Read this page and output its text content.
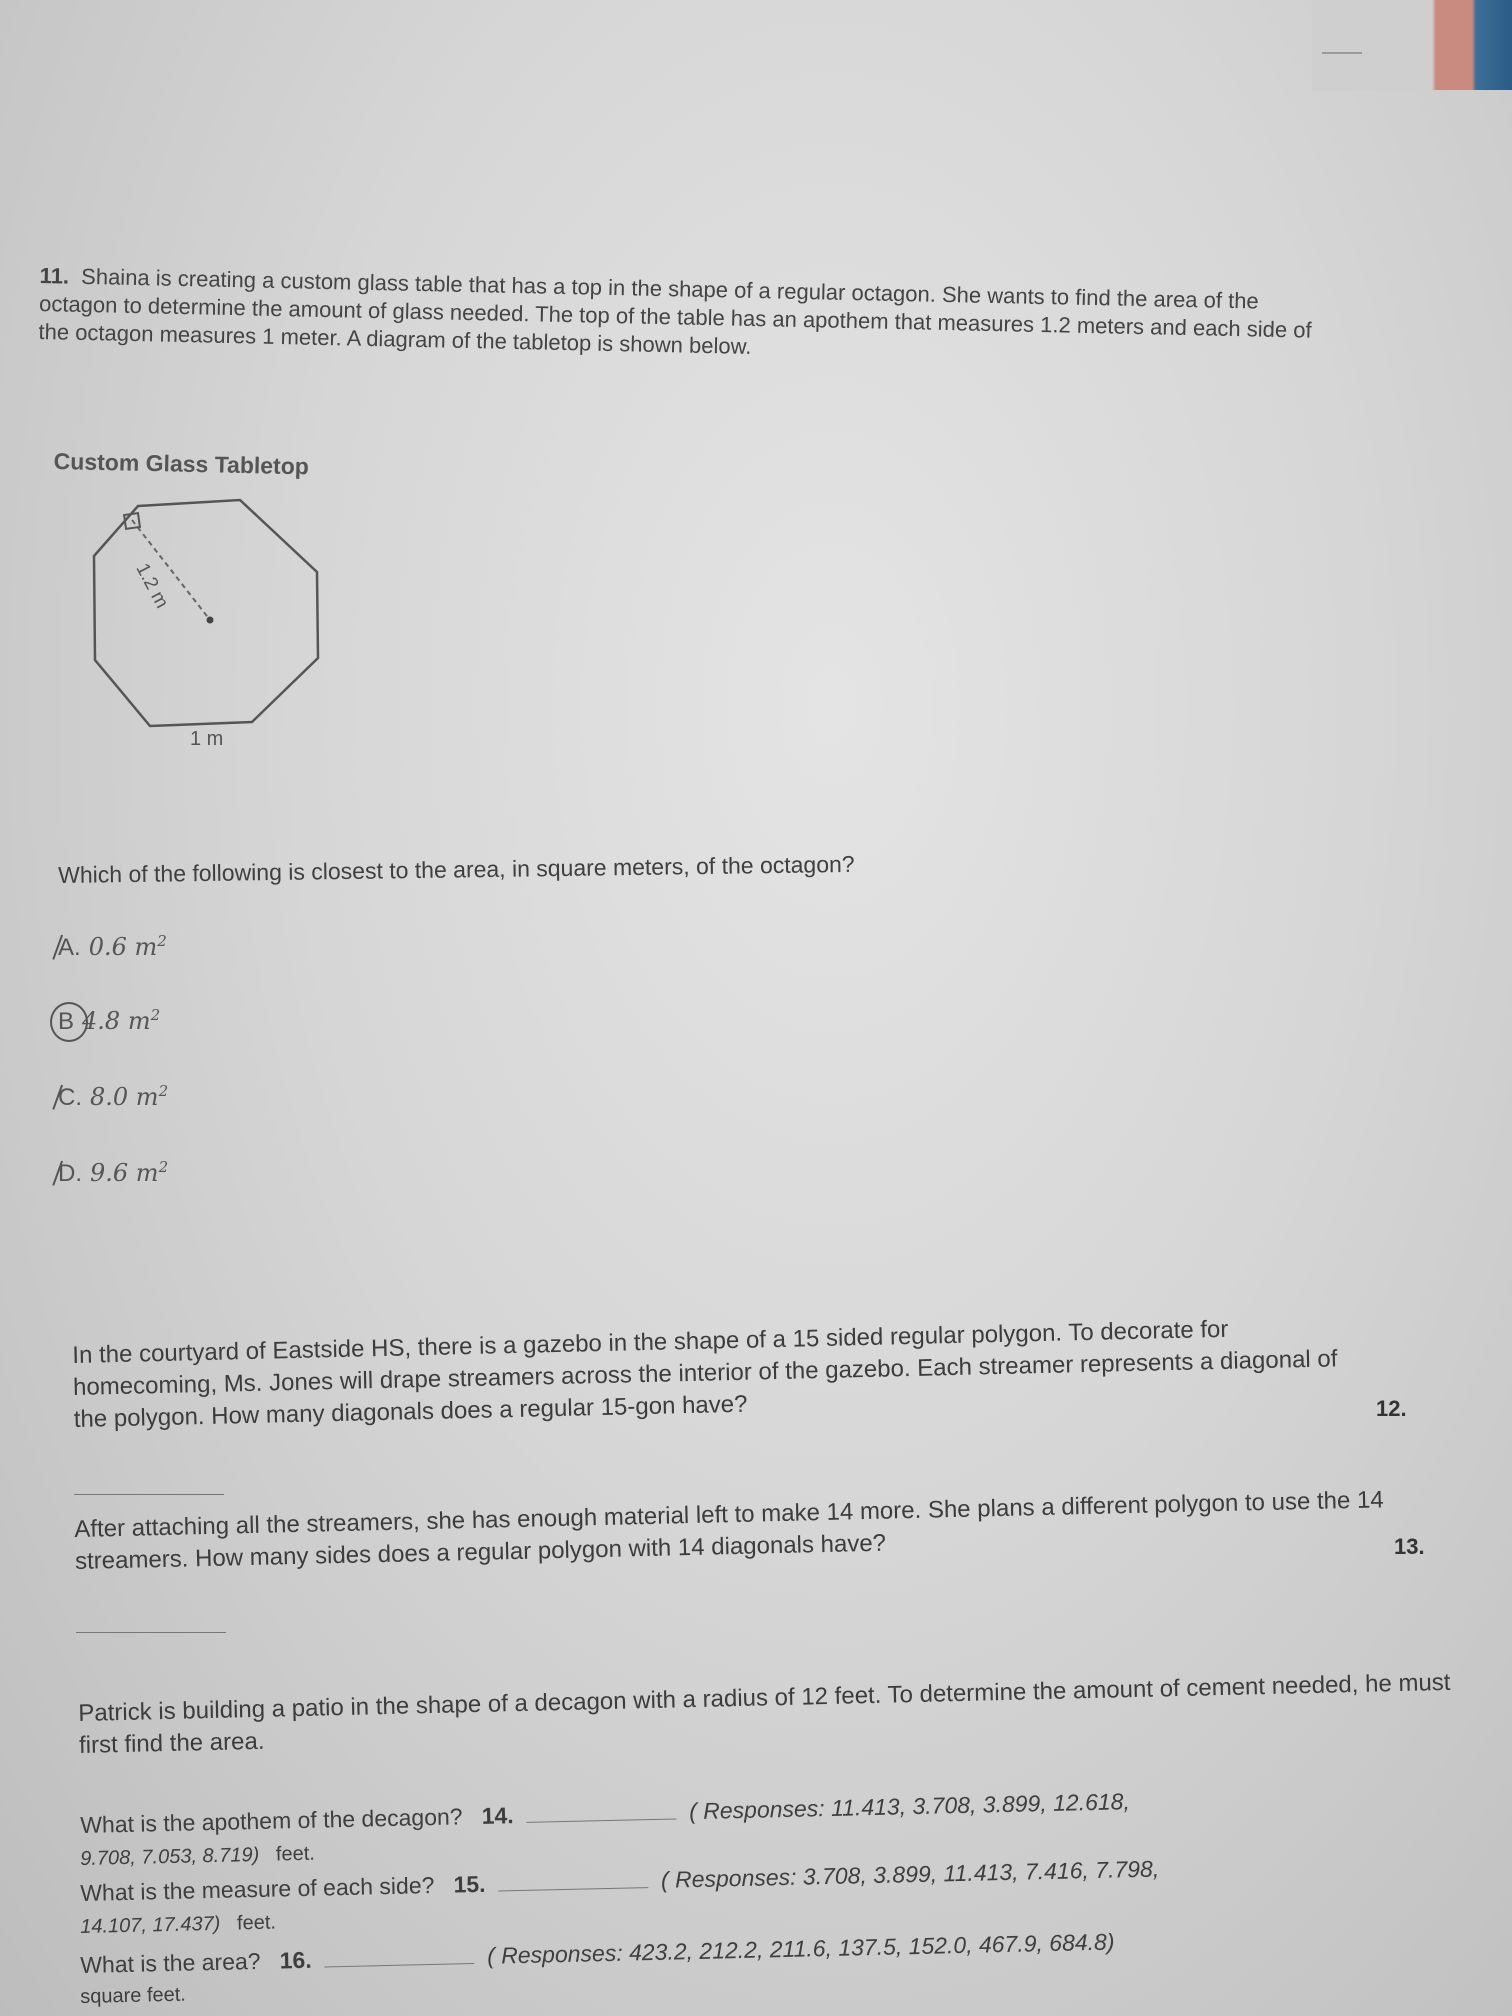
11. Shaina is creating a custom glass table that has a top in the shape of a regular octagon. She wants to find the area of the octagon to determine the amount of glass needed. The top of the table has an apothem that measures 1.2 meters and each side of the octagon measures 1 meter. A diagram of the tabletop is shown below.
Custom Glass Tabletop
1.2 m
1 m
Which of the following is closest to the area, in square meters, of the octagon?
A. 0.6 $m^2$
B 4.8 $m^2$
C. 8.0 $m^2$
D. 9.6 $m^2$
In the courtyard of Eastside HS, there is a gazebo in the shape of a 15 sided regular polygon. To decorate for homecoming, Ms. Jones will drape streamers across the interior of the gazebo. Each streamer represents a diagonal of the polygon. How many diagonals does a regular 15-gon have?	12.
After attaching all the streamers, she has enough material left to make 14 more. She plans a different polygon to use the 14 streamers. How many sides does a regular polygon with 14 diagonals have?	13.
Patrick is building a patio in the shape of a decagon with a radius of 12 feet. To determine the amount of cement needed, he must first find the area.
What is the apothem of the decagon? 14.	( Responses: 11.413, 3.708, 3.899, 12.618,
9.708, 7.053, 8.719) feet.
What is the measure of each side? 15.	( Responses: 3.708, 3.899, 11.413, 7.416, 7.798,
14.107, 17.437) feet.
What is the area? 16.	( Responses: 423.2, 212.2, 211.6, 137.5, 152.0, 467.9, 684.8)
square feet.
